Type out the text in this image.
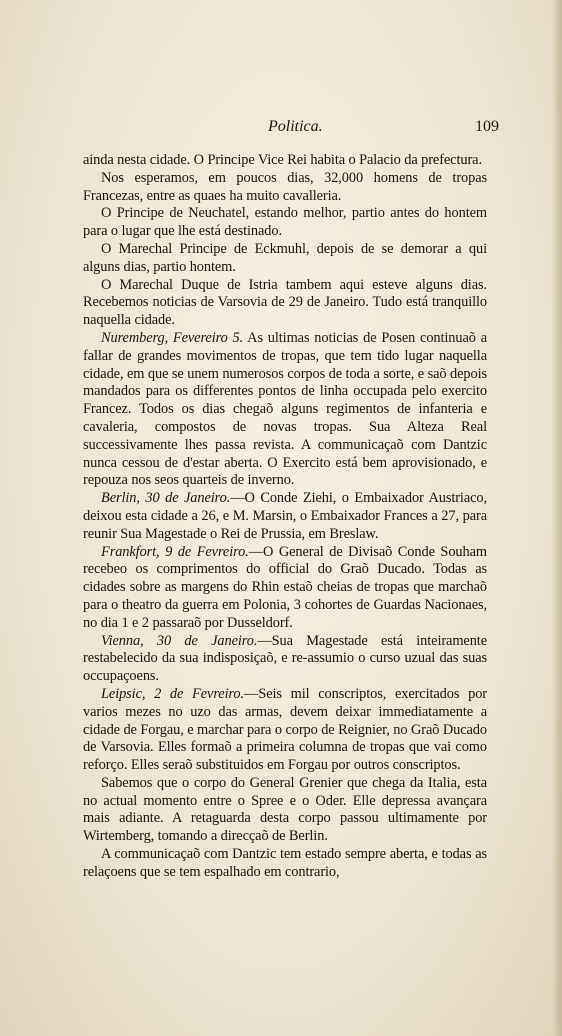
Politica.	109

ainda nesta cidade. O Principe Vice Rei habita o Palacio da prefectura.

Nos esperamos, em poucos dias, 32,000 homens de tropas Francezas, entre as quaes ha muito cavalleria.

O Principe de Neuchatel, estando melhor, partio antes do hontem para o lugar que lhe está destinado.

O Marechal Principe de Eckmuhl, depois de se demorar a qui alguns dias, partio hontem.

O Marechal Duque de Istria tambem aqui esteve alguns dias. Recebemos noticias de Varsovia de 29 de Janeiro. Tudo está tranquillo naquella cidade.

Nuremberg, Fevereiro 5. As ultimas noticias de Posen continuaõ a fallar de grandes movimentos de tropas, que tem tido lugar naquella cidade, em que se unem numerosos corpos de toda a sorte, e saõ depois mandados para os differentes pontos de linha occupada pelo exercito Francez. Todos os dias chegaõ alguns regimentos de infanteria e cavaleria, compostos de novas tropas. Sua Alteza Real successivamente lhes passa revista. A communicaçaõ com Dantzic nunca cessou de d'estar aberta. O Exercito está bem aprovisionado, e repouza nos seos quarteis de inverno.

Berlin, 30 de Janeiro.—O Conde Ziehi, o Embaixador Austriaco, deixou esta cidade a 26, e M. Marsin, o Embaixador Frances a 27, para reunir Sua Magestade o Rei de Prussia, em Breslaw.

Frankfort, 9 de Fevreiro.—O General de Divisaõ Conde Souham recebeo os comprimentos do official do Graõ Ducado. Todas as cidades sobre as margens do Rhin estaõ cheias de tropas que marchaõ para o theatro da guerra em Polonia, 3 cohortes de Guardas Nacionaes, no dia 1 e 2 passaraõ por Dusseldorf.

Vienna, 30 de Janeiro.—Sua Magestade está inteiramente restabelecido da sua indisposiçaõ, e re-assumio o curso uzual das suas occupaçoens.

Leipsic, 2 de Fevreiro.—Seis mil conscriptos, exercitados por varios mezes no uzo das armas, devem deixar immediatamente a cidade de Forgau, e marchar para o corpo de Reignier, no Graõ Ducado de Varsovia. Elles formaõ a primeira columna de tropas que vai como reforço. Elles seraõ substituidos em Forgau por outros conscriptos.

Sabemos que o corpo do General Grenier que chega da Italia, esta no actual momento entre o Spree e o Oder. Elle depressa avançara mais adiante. A retaguarda desta corpo passou ultimamente por Wirtemberg, tomando a direcçaõ de Berlin.

A communicaçaõ com Dantzic tem estado sempre aberta, e todas as relaçoens que se tem espalhado em contrario,
